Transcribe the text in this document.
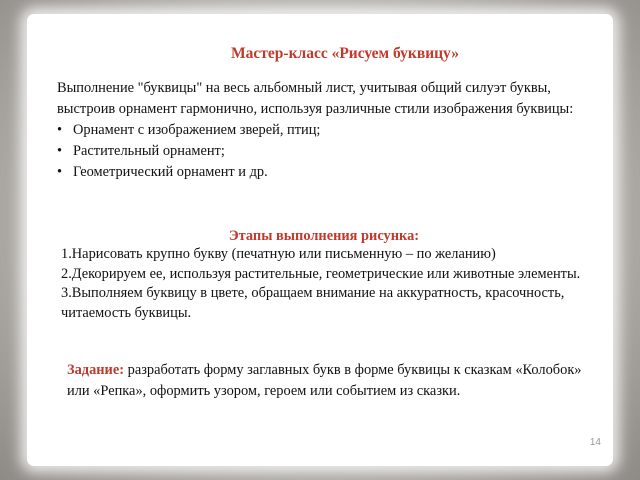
Мастер-класс «Рисуем буквицу»

Выполнение "буквицы" на весь альбомный лист, учитывая общий силуэт буквы, выстроив орнамент гармонично, используя различные стили изображения буквицы:

• Орнамент с изображением зверей, птиц;
• Растительный орнамент;
• Геометрический орнамент и др.
Этапы выполнения рисунка:
1.Нарисовать крупно букву (печатную или письменную – по желанию)
2.Декорируем ее, используя растительные, геометрические или животные элементы.
3.Выполняем буквицу в цвете, обращаем внимание на аккуратность, красочность, читаемость буквицы.
Задание: разработать форму заглавных букв в форме буквицы к сказкам «Колобок» или «Репка», оформить узором, героем или событием из сказки.
14
